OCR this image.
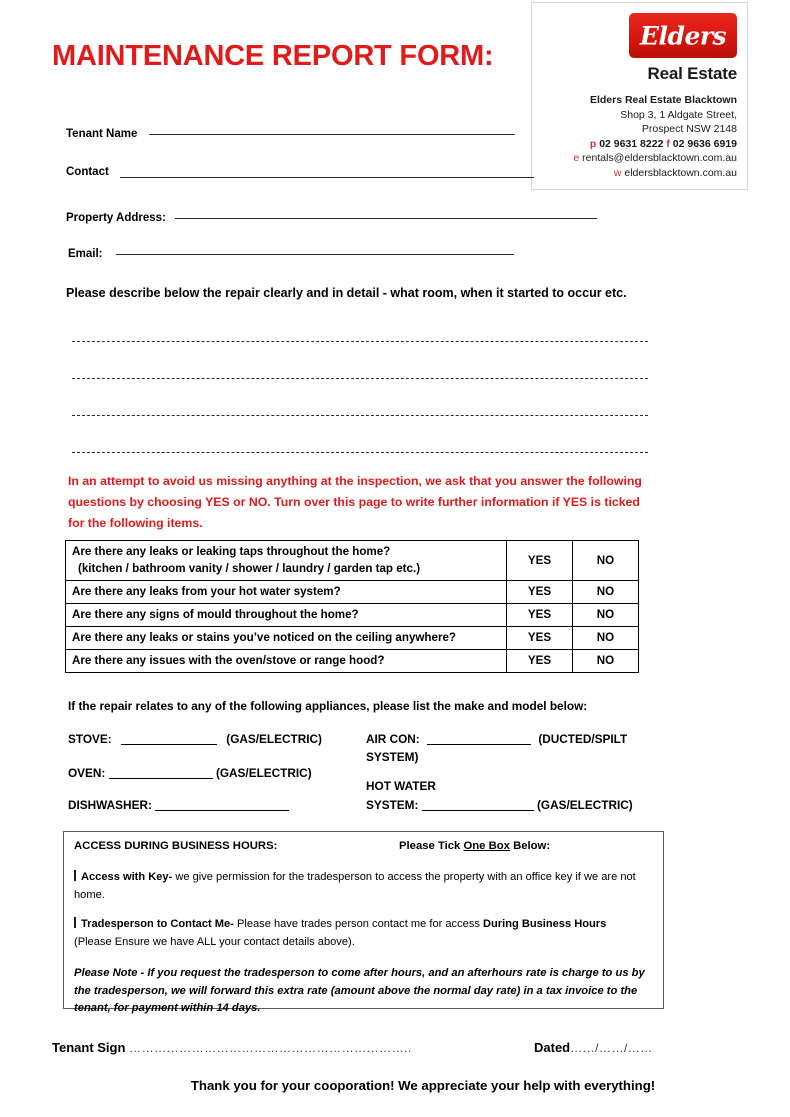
MAINTENANCE REPORT FORM:
Elders
Real Estate
Elders Real Estate Blacktown
Shop 3, 1 Aldgate Street,
Prospect NSW 2148
p 02 9631 8222 f 02 9636 6919
e rentals@eldersblacktown.com.au
w eldersblacktown.com.au
Tenant Name
Contact
Property Address:
Email:
Please describe below the repair clearly and in detail - what room, when it started to occur etc.
In an attempt to avoid us missing anything at the inspection, we ask that you answer the following questions by choosing YES or NO. Turn over this page to write further information if YES is ticked for the following items.
Are there any leaks or leaking taps throughout the home?
(kitchen / bathroom vanity / shower / laundry / garden tap etc.)	YES	NO
Are there any leaks from your hot water system?	YES	NO
Are there any signs of mould throughout the home?	YES	NO
Are there any leaks or stains you’ve noticed on the ceiling anywhere?	YES	NO
Are there any issues with the oven/stove or range hood?	YES	NO
If the repair relates to any of the following appliances, please list the make and model below:
STOVE:	(GAS/ELECTRIC)
OVEN:	(GAS/ELECTRIC)
DISHWASHER:
AIR CON:	(DUCTED/SPILT
SYSTEM)
HOT WATER
SYSTEM:	(GAS/ELECTRIC)
ACCESS DURING BUSINESS HOURS:	Please Tick One Box Below:
Access with Key- we give permission for the tradesperson to access the property with an office key if we are not home.
Tradesperson to Contact Me- Please have trades person contact me for access During Business Hours
(Please Ensure we have ALL your contact details above).
Please Note - If you request the tradesperson to come after hours, and an afterhours rate is charge to us by the tradesperson, we will forward this extra rate (amount above the normal day rate) in a tax invoice to the tenant, for payment within 14 days.
Tenant Sign …………………………………………………………..	Dated……/……/……
Thank you for your cooporation! We appreciate your help with everything!
